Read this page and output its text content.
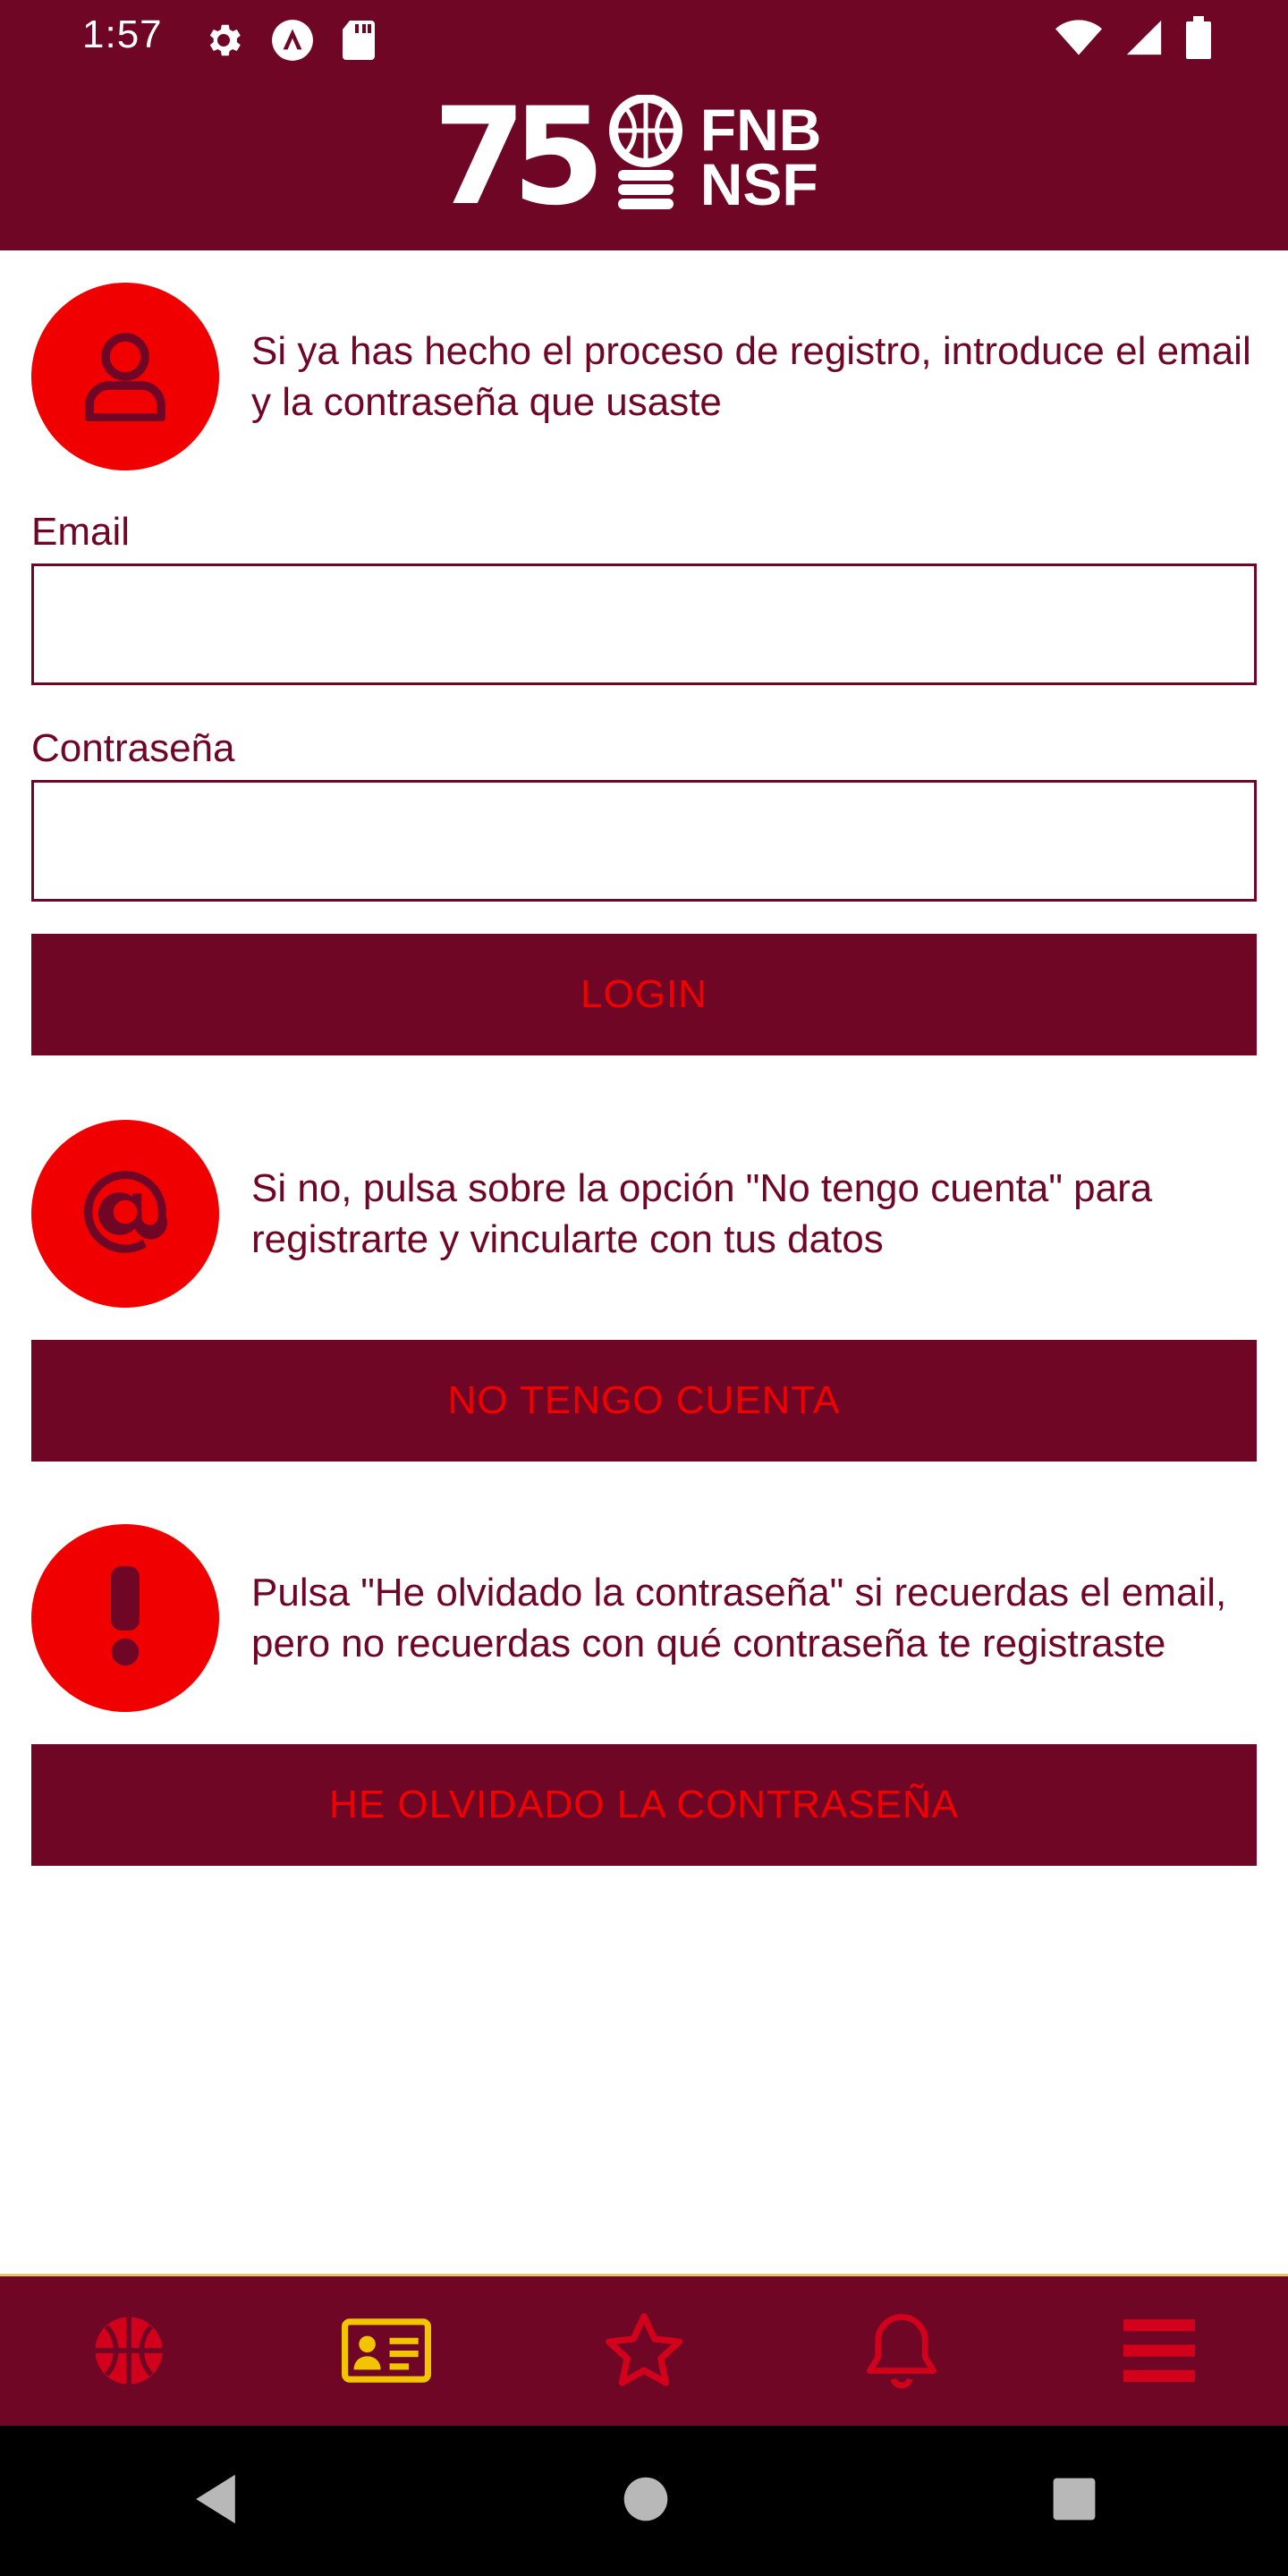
1:57
75 FNB
NSF
Si ya has hecho el proceso de registro, introduce el email y la contraseña que usaste
Email
Contraseña
LOGIN
Si no, pulsa sobre la opción "No tengo cuenta" para registrarte y vincularte con tus datos
NO TENGO CUENTA
Pulsa "He olvidado la contraseña" si recuerdas el email, pero no recuerdas con qué contraseña te registraste
HE OLVIDADO LA CONTRASEÑA
